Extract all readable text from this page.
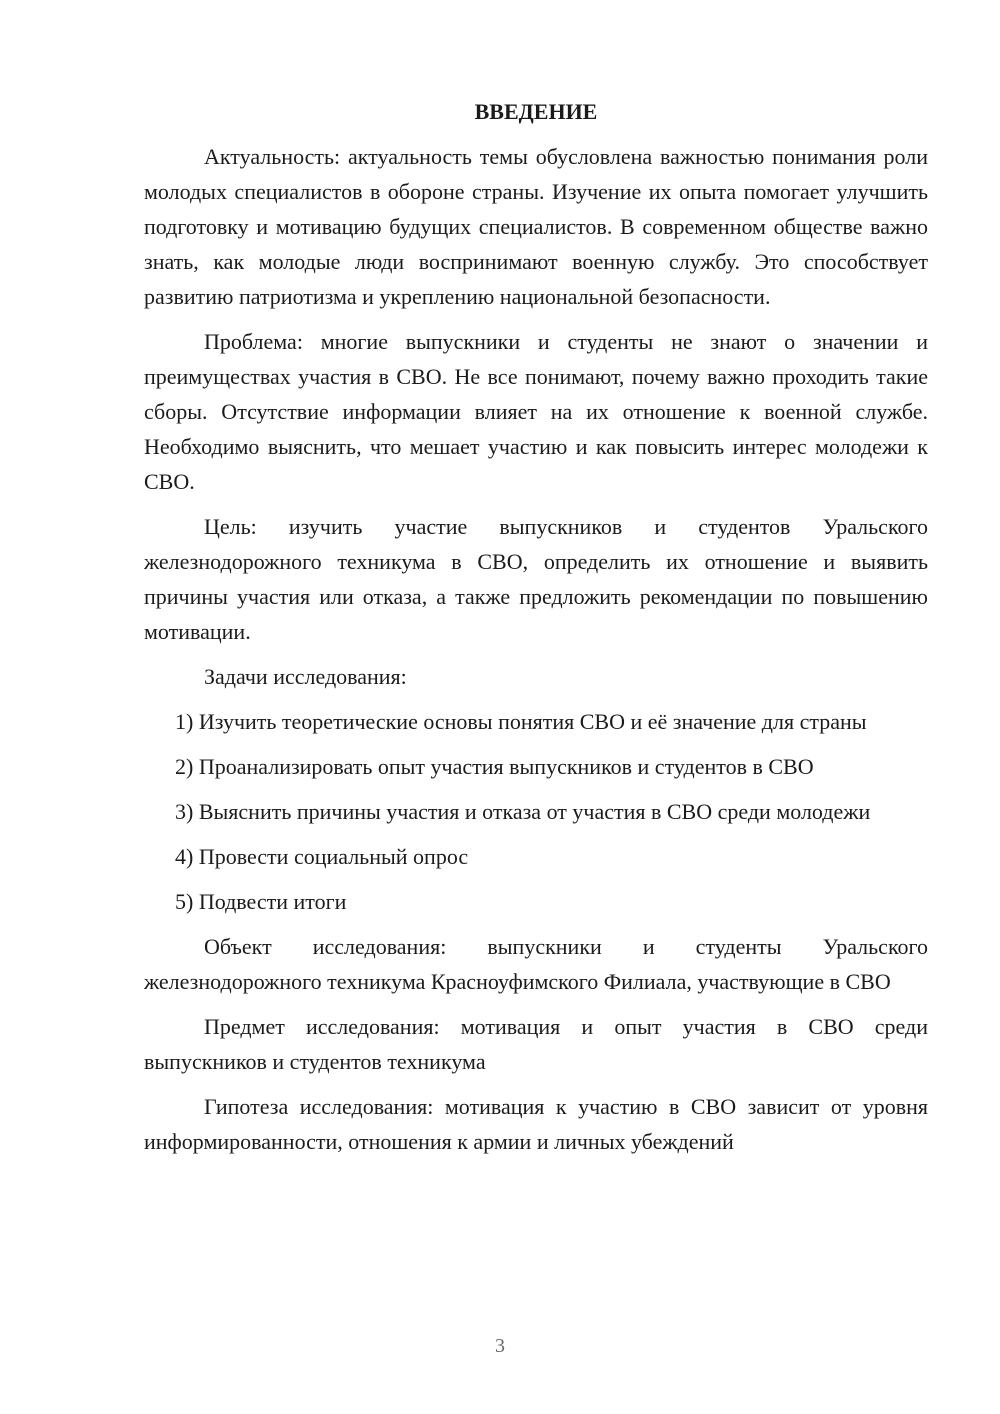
ВВЕДЕНИЕ

Актуальность: актуальность темы обусловлена важностью понимания роли молодых специалистов в обороне страны. Изучение их опыта помогает улучшить подготовку и мотивацию будущих специалистов. В современном обществе важно знать, как молодые люди воспринимают военную службу. Это способствует развитию патриотизма и укреплению национальной безопасности.

Проблема: многие выпускники и студенты не знают о значении и преимуществах участия в СВО. Не все понимают, почему важно проходить такие сборы. Отсутствие информации влияет на их отношение к военной службе. Необходимо выяснить, что мешает участию и как повысить интерес молодежи к СВО.

Цель: изучить участие выпускников и студентов Уральского железнодорожного техникума в СВО, определить их отношение и выявить причины участия или отказа, а также предложить рекомендации по повышению мотивации.

Задачи исследования:

1) Изучить теоретические основы понятия СВО и её значение для страны

2) Проанализировать опыт участия выпускников и студентов в СВО

3) Выяснить причины участия и отказа от участия в СВО среди молодежи

4) Провести социальный опрос

5) Подвести итоги

Объект исследования: выпускники и студенты Уральского железнодорожного техникума Красноуфимского Филиала, участвующие в СВО

Предмет исследования: мотивация и опыт участия в СВО среди выпускников и студентов техникума

Гипотеза исследования: мотивация к участию в СВО зависит от уровня информированности, отношения к армии и личных убеждений

3
